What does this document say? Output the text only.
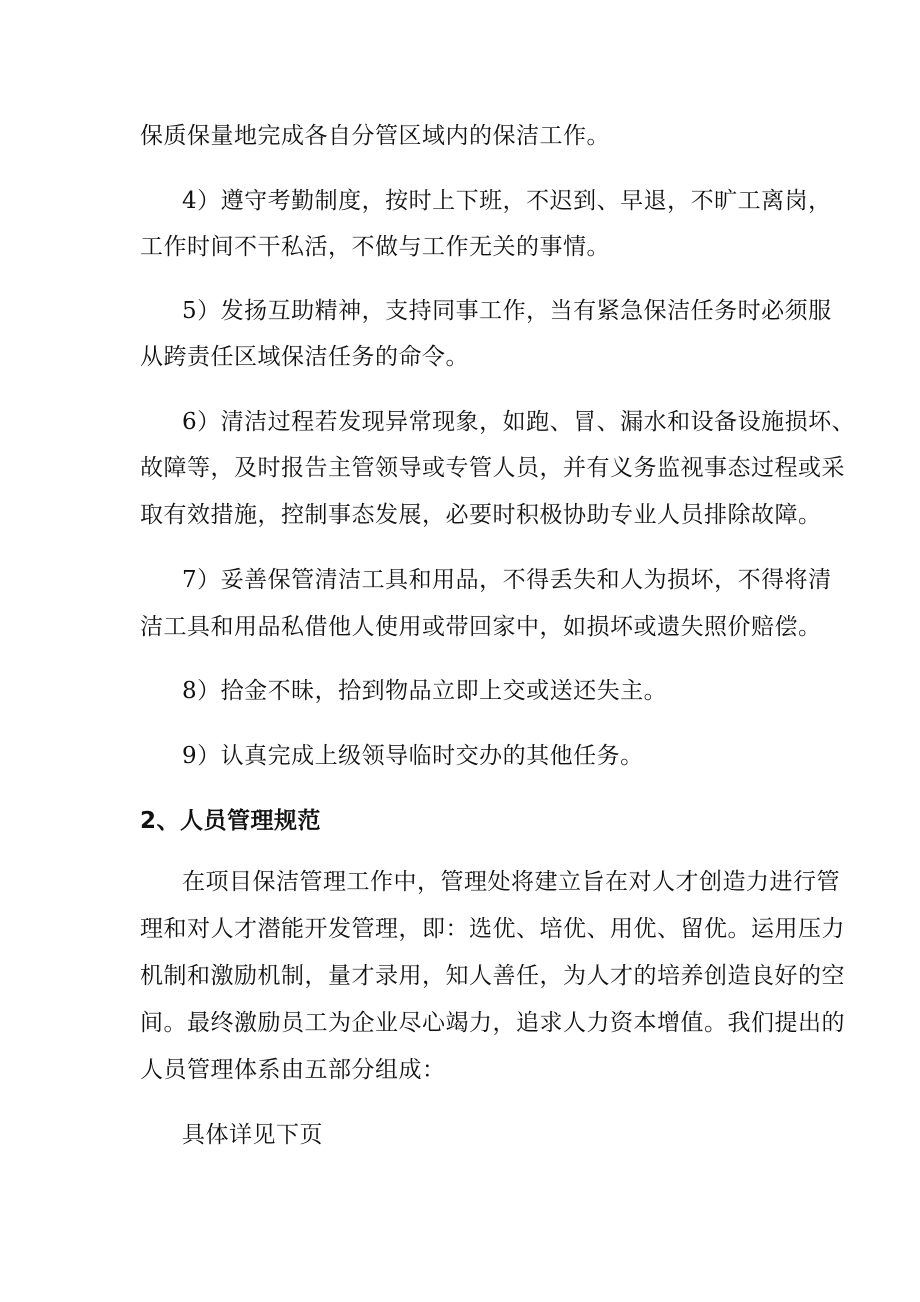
保质保量地完成各自分管区域内的保洁工作。

4）遵守考勤制度，按时上下班，不迟到、早退，不旷工离岗，

工作时间不干私活，不做与工作无关的事情。

5）发扬互助精神，支持同事工作，当有紧急保洁任务时必须服

从跨责任区域保洁任务的命令。

6）清洁过程若发现异常现象，如跑、冒、漏水和设备设施损坏、

故障等，及时报告主管领导或专管人员，并有义务监视事态过程或采

取有效措施，控制事态发展，必要时积极协助专业人员排除故障。

7）妥善保管清洁工具和用品，不得丢失和人为损坏，不得将清

洁工具和用品私借他人使用或带回家中，如损坏或遗失照价赔偿。

8）拾金不昧，拾到物品立即上交或送还失主。

9）认真完成上级领导临时交办的其他任务。

2、人员管理规范

在项目保洁管理工作中，管理处将建立旨在对人才创造力进行管

理和对人才潜能开发管理，即：选优、培优、用优、留优。运用压力

机制和激励机制，量才录用，知人善任，为人才的培养创造良好的空

间。最终激励员工为企业尽心竭力，追求人力资本增值。我们提出的

人员管理体系由五部分组成：

具体详见下页
